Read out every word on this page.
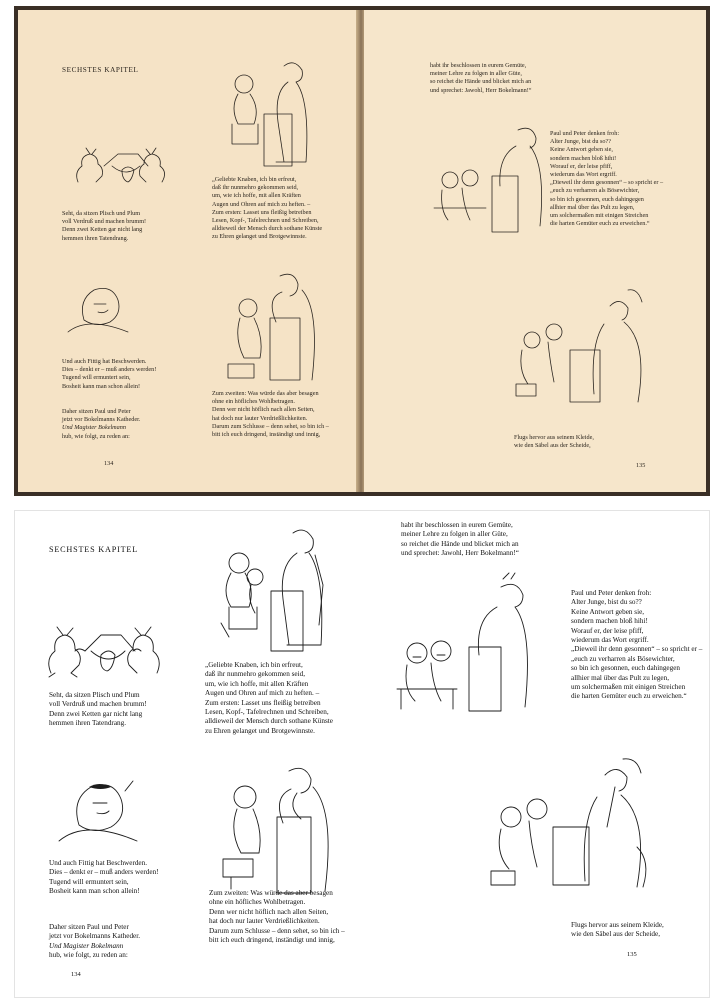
SECHSTES KAPITEL
Seht, da sitzen Plisch und Plum
voll Verdruß und machen brumm!
Denn zwei Ketten gar nicht lang
hemmen ihren Tatendrang.
„Geliebte Knaben, ich bin erfreut,
daß ihr nunmehro gekommen seid,
um, wie ich hoffe, mit allen Kräften
Augen und Ohren auf mich zu heften. –
Zum ersten: Lasset uns fleißig betreiben
Lesen, Kopf-, Tafelrechnen und Schreiben,
alldieweil der Mensch durch sothane Künste
zu Ehren gelanget und Brotgewinnste.
Und auch Fittig hat Beschwerden.
Dies – denkt er – muß anders werden!
Tugend will ermuntert sein,
Bosheit kann man schon allein!
Daher sitzen Paul und Peter
jetzt vor Bokelmanns Katheder.
Und Magister Bokelmann
hub, wie folgt, zu reden an:
Zum zweiten: Was würde das aber besagen
ohne ein höfliches Wohlbetragen.
Denn wer nicht höflich nach allen Seiten,
hat doch nur lauter Verdrießlichkeiten.
Darum zum Schlusse – denn sehet, so bin ich –
bitt ich euch dringend, inständigt und innig,
134
habt ihr beschlossen in eurem Gemüte,
meiner Lehre zu folgen in aller Güte,
so reichet die Hände und blicket mich an
und sprechet: Jawohl, Herr Bokelmann!“
Paul und Peter denken froh:
Alter Junge, bist du so??
Keine Antwort geben sie,
sondern machen bloß hihi!
Worauf er, der leise pfiff,
wiederum das Wort ergriff.
„Dieweil ihr denn gesonnen“ – so spricht er –
„euch zu verharren als Bösewichter,
so bin ich gesonnen, euch dahingegen
allhier mal über das Pult zu legen,
um solchermaßen mit einigen Streichen
die harten Gemüter euch zu erweichen.“
Flugs hervor aus seinem Kleide,
wie den Säbel aus der Scheide,
135
SECHSTES KAPITEL
Seht, da sitzen Plisch und Plum
voll Verdruß und machen brumm!
Denn zwei Ketten gar nicht lang
hemmen ihren Tatendrang.
„Geliebte Knaben, ich bin erfreut,
daß ihr nunmehro gekommen seid,
um, wie ich hoffe, mit allen Kräften
Augen und Ohren auf mich zu heften. –
Zum ersten: Lasset uns fleißig betreiben
Lesen, Kopf-, Tafelrechnen und Schreiben,
alldieweil der Mensch durch sothane Künste
zu Ehren gelanget und Brotgewinnste.
Und auch Fittig hat Beschwerden.
Dies – denkt er – muß anders werden!
Tugend will ermuntert sein,
Bosheit kann man schon allein!
Daher sitzen Paul und Peter
jetzt vor Bokelmanns Katheder.
Und Magister Bokelmann
hub, wie folgt, zu reden an:
Zum zweiten: Was würde das aber besagen
ohne ein höfliches Wohlbetragen.
Denn wer nicht höflich nach allen Seiten,
hat doch nur lauter Verdrießlichkeiten.
Darum zum Schlusse – denn sehet, so bin ich –
bitt ich euch dringend, inständigt und innig,
134
habt ihr beschlossen in eurem Gemüte,
meiner Lehre zu folgen in aller Güte,
so reichet die Hände und blicket mich an
und sprechet: Jawohl, Herr Bokelmann!“
Paul und Peter denken froh:
Alter Junge, bist du so??
Keine Antwort geben sie,
sondern machen bloß hihi!
Worauf er, der leise pfiff,
wiederum das Wort ergriff.
„Dieweil ihr denn gesonnen“ – so spricht er –
„euch zu verharren als Bösewichter,
so bin ich gesonnen, euch dahingegen
allhier mal über das Pult zu legen,
um solchermaßen mit einigen Streichen
die harten Gemüter euch zu erweichen.“
Flugs hervor aus seinem Kleide,
wie den Säbel aus der Scheide,
135
